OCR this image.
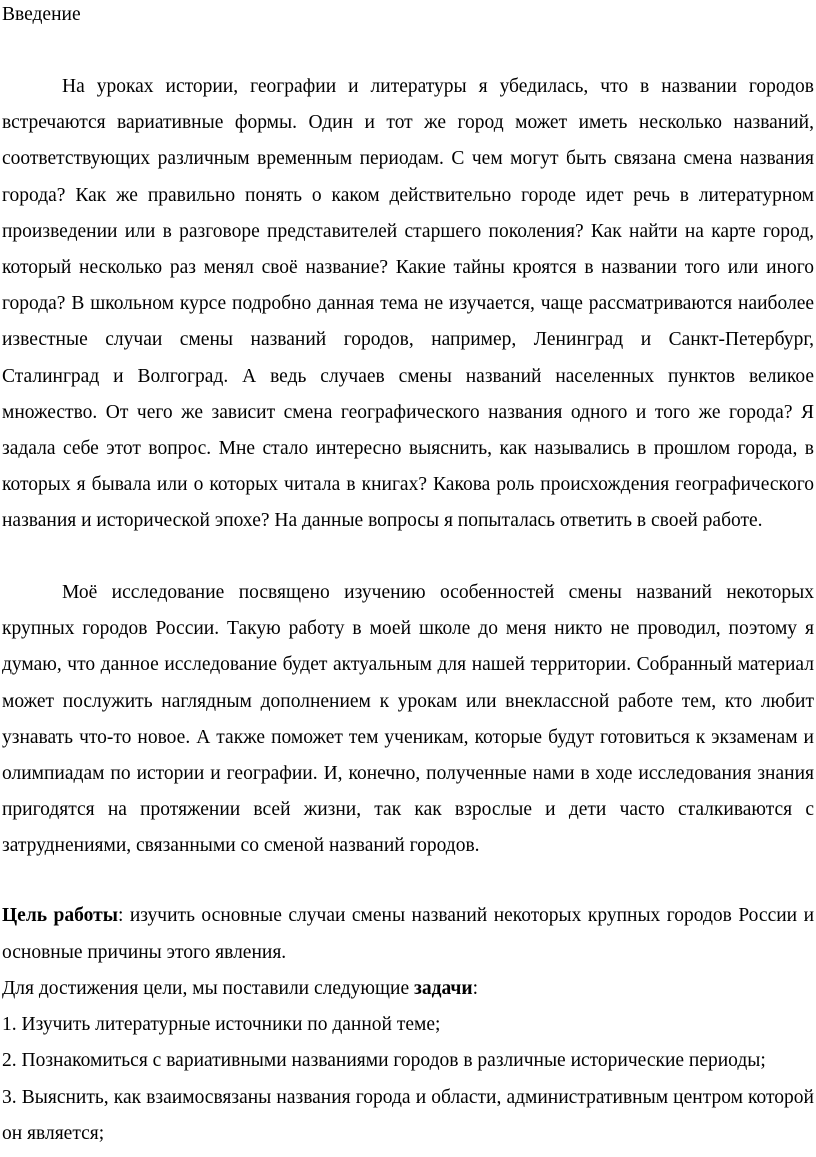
Введение

На уроках истории, географии и литературы я убедилась, что в названии городов встречаются вариативные формы. Один и тот же город может иметь несколько названий, соответствующих различным временным периодам. С чем могут быть связана смена названия города? Как же правильно понять о каком действительно городе идет речь в литературном произведении или в разговоре представителей старшего поколения? Как найти на карте город, который несколько раз менял своё название? Какие тайны кроятся в названии того или иного города? В школьном курсе подробно данная тема не изучается, чаще рассматриваются наиболее известные случаи смены названий городов, например, Ленинград и Санкт-Петербург, Сталинград и Волгоград. А ведь случаев смены названий населенных пунктов великое множество. От чего же зависит смена географического названия одного и того же города? Я задала себе этот вопрос. Мне стало интересно выяснить, как назывались в прошлом города, в которых я бывала или о которых читала в книгах? Какова роль происхождения географического названия и исторической эпохе? На данные вопросы я попыталась ответить в своей работе.

Моё исследование посвящено изучению особенностей смены названий некоторых крупных городов России. Такую работу в моей школе до меня никто не проводил, поэтому я думаю, что данное исследование будет актуальным для нашей территории. Собранный материал может послужить наглядным дополнением к урокам или внеклассной работе тем, кто любит узнавать что-то новое. А также поможет тем ученикам, которые будут готовиться к экзаменам и олимпиадам по истории и географии. И, конечно, полученные нами в ходе исследования знания пригодятся на протяжении всей жизни, так как взрослые и дети часто сталкиваются с затруднениями, связанными со сменой названий городов.

Цель работы: изучить основные случаи смены названий некоторых крупных городов России и основные причины этого явления.

Для достижения цели, мы поставили следующие задачи:

1. Изучить литературные источники по данной теме;

2. Познакомиться с вариативными названиями городов в различные исторические периоды;

3. Выяснить, как взаимосвязаны названия города и области, административным центром которой он является;
